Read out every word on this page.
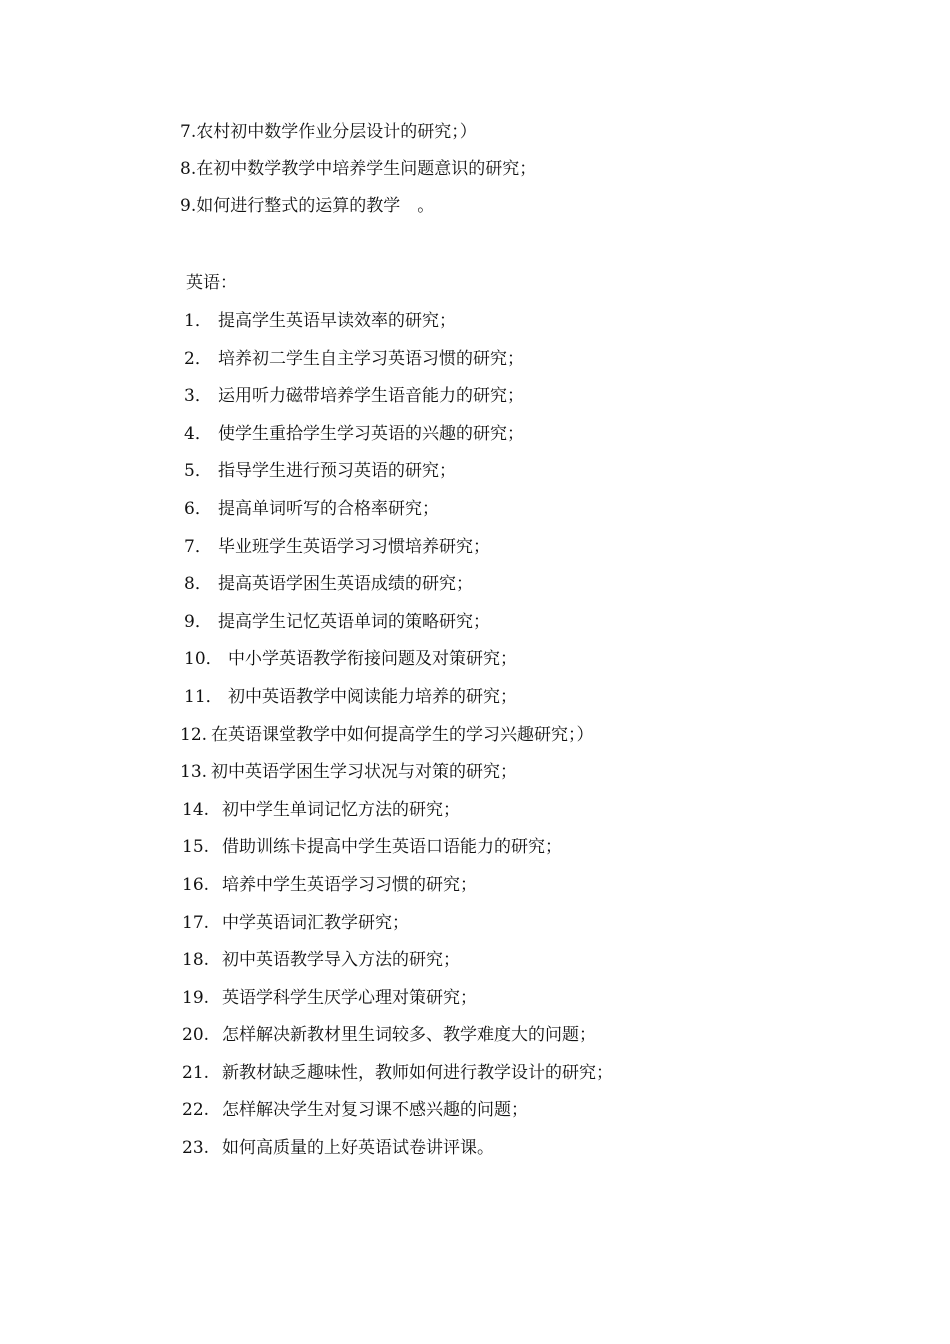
7.农村初中数学作业分层设计的研究；）
8.在初中数学教学中培养学生问题意识的研究；
9.如何进行整式的运算的教学　。
英语：
1． 提高学生英语早读效率的研究；
2． 培养初二学生自主学习英语习惯的研究；
3． 运用听力磁带培养学生语音能力的研究；
4． 使学生重拾学生学习英语的兴趣的研究；
5． 指导学生进行预习英语的研究；
6． 提高单词听写的合格率研究；
7． 毕业班学生英语学习习惯培养研究；
8． 提高英语学困生英语成绩的研究；
9． 提高学生记忆英语单词的策略研究；
10． 中小学英语教学衔接问题及对策研究；
11． 初中英语教学中阅读能力培养的研究；
12. 在英语课堂教学中如何提高学生的学习兴趣研究；）
13. 初中英语学困生学习状况与对策的研究；
14. 初中学生单词记忆方法的研究；
15. 借助训练卡提高中学生英语口语能力的研究；
16. 培养中学生英语学习习惯的研究；
17. 中学英语词汇教学研究；
18. 初中英语教学导入方法的研究；
19. 英语学科学生厌学心理对策研究；
20. 怎样解决新教材里生词较多、教学难度大的问题；
21. 新教材缺乏趣味性，教师如何进行教学设计的研究；
22. 怎样解决学生对复习课不感兴趣的问题；
23. 如何高质量的上好英语试卷讲评课。
